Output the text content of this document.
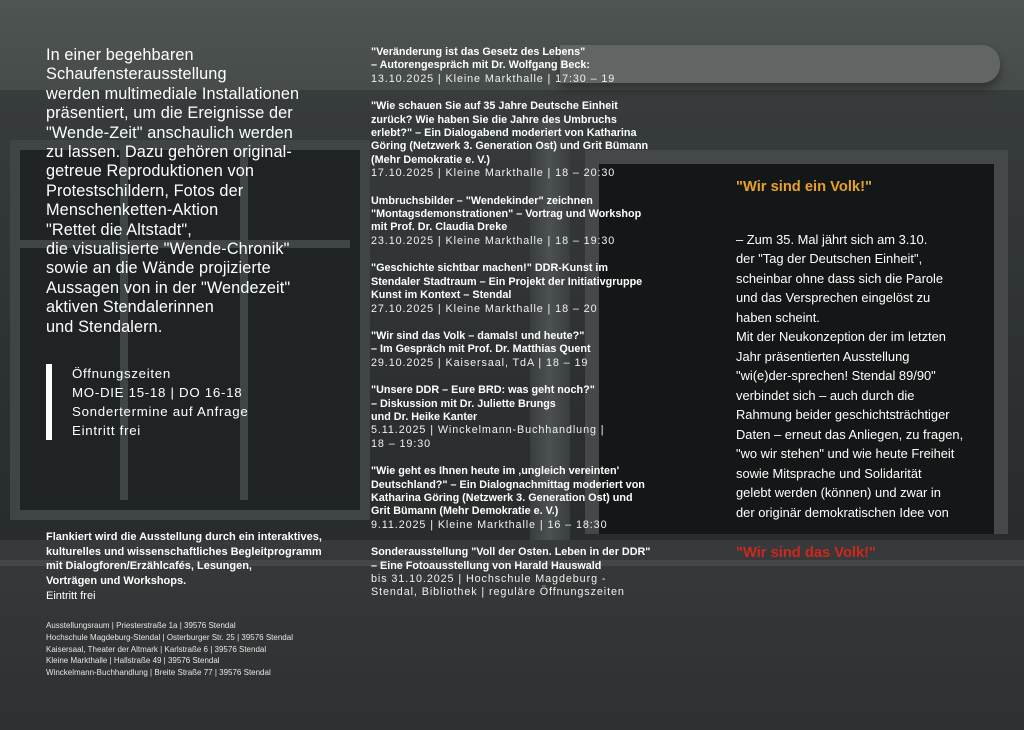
In einer begehbaren
Schaufensterausstellung
werden multimediale Installationen
präsentiert, um die Ereignisse der
"Wende-Zeit" anschaulich werden
zu lassen. Dazu gehören original-
getreue Reproduktionen von
Protestschildern, Fotos der
Menschenketten-Aktion
"Rettet die Altstadt",
die visualisierte "Wende-Chronik"
sowie an die Wände projizierte
Aussagen von in der "Wendezeit"
aktiven Stendalerinnen
und Stendalern.
Öffnungszeiten
MO-DIE 15-18 | DO 16-18
Sondertermine auf Anfrage
Eintritt frei
Flankiert wird die Ausstellung durch ein interaktives,
kulturelles und wissenschaftliches Begleitprogramm
mit Dialogforen/Erzählcafés, Lesungen,
Vorträgen und Workshops.
Eintritt frei
Ausstellungsraum | Priesterstraße 1a | 39576 Stendal
Hochschule Magdeburg-Stendal | Osterburger Str. 25 | 39576 Stendal
Kaisersaal, Theater der Altmark | Karlstraße 6 | 39576 Stendal
Kleine Markthalle | Hallstraße 49 | 39576 Stendal
Winckelmann-Buchhandlung | Breite Straße 77 | 39576 Stendal
"Veränderung ist das Gesetz des Lebens"
– Autorengespräch mit Dr. Wolfgang Beck:
13.10.2025 | Kleine Markthalle | 17:30 – 19
"Wie schauen Sie auf 35 Jahre Deutsche Einheit
zurück? Wie haben Sie die Jahre des Umbruchs
erlebt?" – Ein Dialogabend moderiert von Katharina
Göring (Netzwerk 3. Generation Ost) und Grit Bümann
(Mehr Demokratie e. V.)
17.10.2025 | Kleine Markthalle | 18 – 20:30
Umbruchsbilder – "Wendekinder" zeichnen
"Montagsdemonstrationen" – Vortrag und Workshop
mit Prof. Dr. Claudia Dreke
23.10.2025 | Kleine Markthalle | 18 – 19:30
"Geschichte sichtbar machen!" DDR-Kunst im
Stendaler Stadtraum – Ein Projekt der Initiativgruppe
Kunst im Kontext – Stendal
27.10.2025 | Kleine Markthalle | 18 – 20
"Wir sind das Volk – damals! und heute?"
– Im Gespräch mit Prof. Dr. Matthias Quent
29.10.2025 | Kaisersaal, TdA | 18 – 19
"Unsere DDR – Eure BRD: was geht noch?"
– Diskussion mit Dr. Juliette Brungs
und Dr. Heike Kanter
5.11.2025 | Winckelmann-Buchhandlung |
18 – 19:30
"Wie geht es Ihnen heute im ‚ungleich vereinten'
Deutschland?" – Ein Dialognachmittag moderiert von
Katharina Göring (Netzwerk 3. Generation Ost) und
Grit Bümann (Mehr Demokratie e. V.)
9.11.2025 | Kleine Markthalle | 16 – 18:30
Sonderausstellung "Voll der Osten. Leben in der DDR"
– Eine Fotoausstellung von Harald Hauswald
bis 31.10.2025 | Hochschule Magdeburg -
Stendal, Bibliothek | reguläre Öffnungszeiten
"Wir sind ein Volk!"
– Zum 35. Mal jährt sich am 3.10.
der "Tag der Deutschen Einheit",
scheinbar ohne dass sich die Parole
und das Versprechen eingelöst zu
haben scheint.
Mit der Neukonzeption der im letzten
Jahr präsentierten Ausstellung
"wi(e)der-sprechen! Stendal 89/90"
verbindet sich – auch durch die
Rahmung beider geschichtsträchtiger
Daten – erneut das Anliegen, zu fragen,
"wo wir stehen" und wie heute Freiheit
sowie Mitsprache und Solidarität
gelebt werden (können) und zwar in
der originär demokratischen Idee von
"Wir sind das Volk!"
